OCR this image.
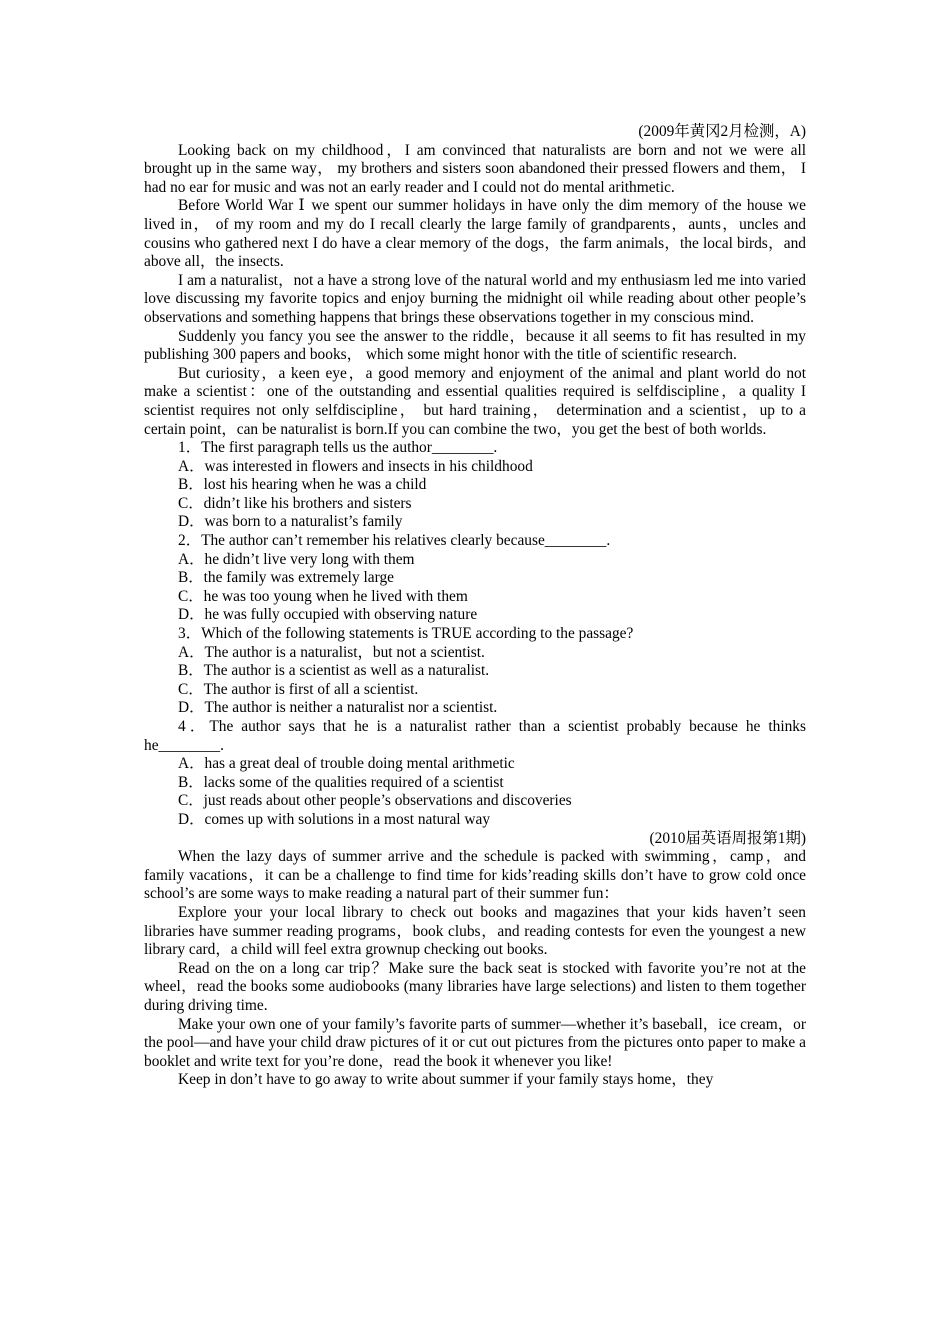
(2009年黄冈2月检测，A)

Looking back on my childhood，I am convinced that naturalists are born and not we were all brought up in the same way， my brothers and sisters soon abandoned their pressed flowers and them， I had no ear for music and was not an early reader and I could not do mental arithmetic.

Before World War Ⅰ we spent our summer holidays in have only the dim memory of the house we lived in， of my room and my do I recall clearly the large family of grandparents，aunts，uncles and cousins who gathered next I do have a clear memory of the dogs，the farm animals，the local birds，and above all，the insects.

I am a naturalist，not a have a strong love of the natural world and my enthusiasm led me into varied love discussing my favorite topics and enjoy burning the midnight oil while reading about other people’s observations and something happens that brings these observations together in my conscious mind.

Suddenly you fancy you see the answer to the riddle，because it all seems to fit has resulted in my publishing 300 papers and books， which some might honor with the title of scientific research.

But curiosity，a keen eye，a good memory and enjoyment of the animal and plant world do not make a scientist：one of the outstanding and essential qualities required is selfdiscipline，a quality I scientist requires not only selfdiscipline， but hard training， determination and a scientist，up to a certain point，can be naturalist is born.If you can combine the two，you get the best of both worlds.

1．The first paragraph tells us the author________.

A．was interested in flowers and insects in his childhood

B．lost his hearing when he was a child

C．didn’t like his brothers and sisters

D．was born to a naturalist’s family

2．The author can’t remember his relatives clearly because________.

A．he didn’t live very long with them

B．the family was extremely large

C．he was too young when he lived with them

D．he was fully occupied with observing nature

3．Which of the following statements is TRUE according to the passage?

A．The author is a naturalist，but not a scientist.

B．The author is a scientist as well as a naturalist.

C．The author is first of all a scientist.

D．The author is neither a naturalist nor a scientist.

4．The author says that he is a naturalist rather than a scientist probably because he thinks he________.

A．has a great deal of trouble doing mental arithmetic

B．lacks some of the qualities required of a scientist

C．just reads about other people’s observations and discoveries

D．comes up with solutions in a most natural way

(2010届英语周报第1期)

When the lazy days of summer arrive and the schedule is packed with swimming，camp，and family vacations，it can be a challenge to find time for kids’reading skills don’t have to grow cold once school’s are some ways to make reading a natural part of their summer fun：

Explore your your local library to check out books and magazines that your kids haven’t seen libraries have summer reading programs，book clubs，and reading contests for even the youngest a new library card，a child will feel extra grownup checking out books.

Read on the on a long car trip？Make sure the back seat is stocked with favorite you’re not at the wheel，read the books some audiobooks (many libraries have large selections) and listen to them together during driving time.

Make your own one of your family’s favorite parts of summer—whether it’s baseball，ice cream，or the pool—and have your child draw pictures of it or cut out pictures from the pictures onto paper to make a booklet and write text for you’re done，read the book it whenever you like!

Keep in don’t have to go away to write about summer if your family stays home，they
